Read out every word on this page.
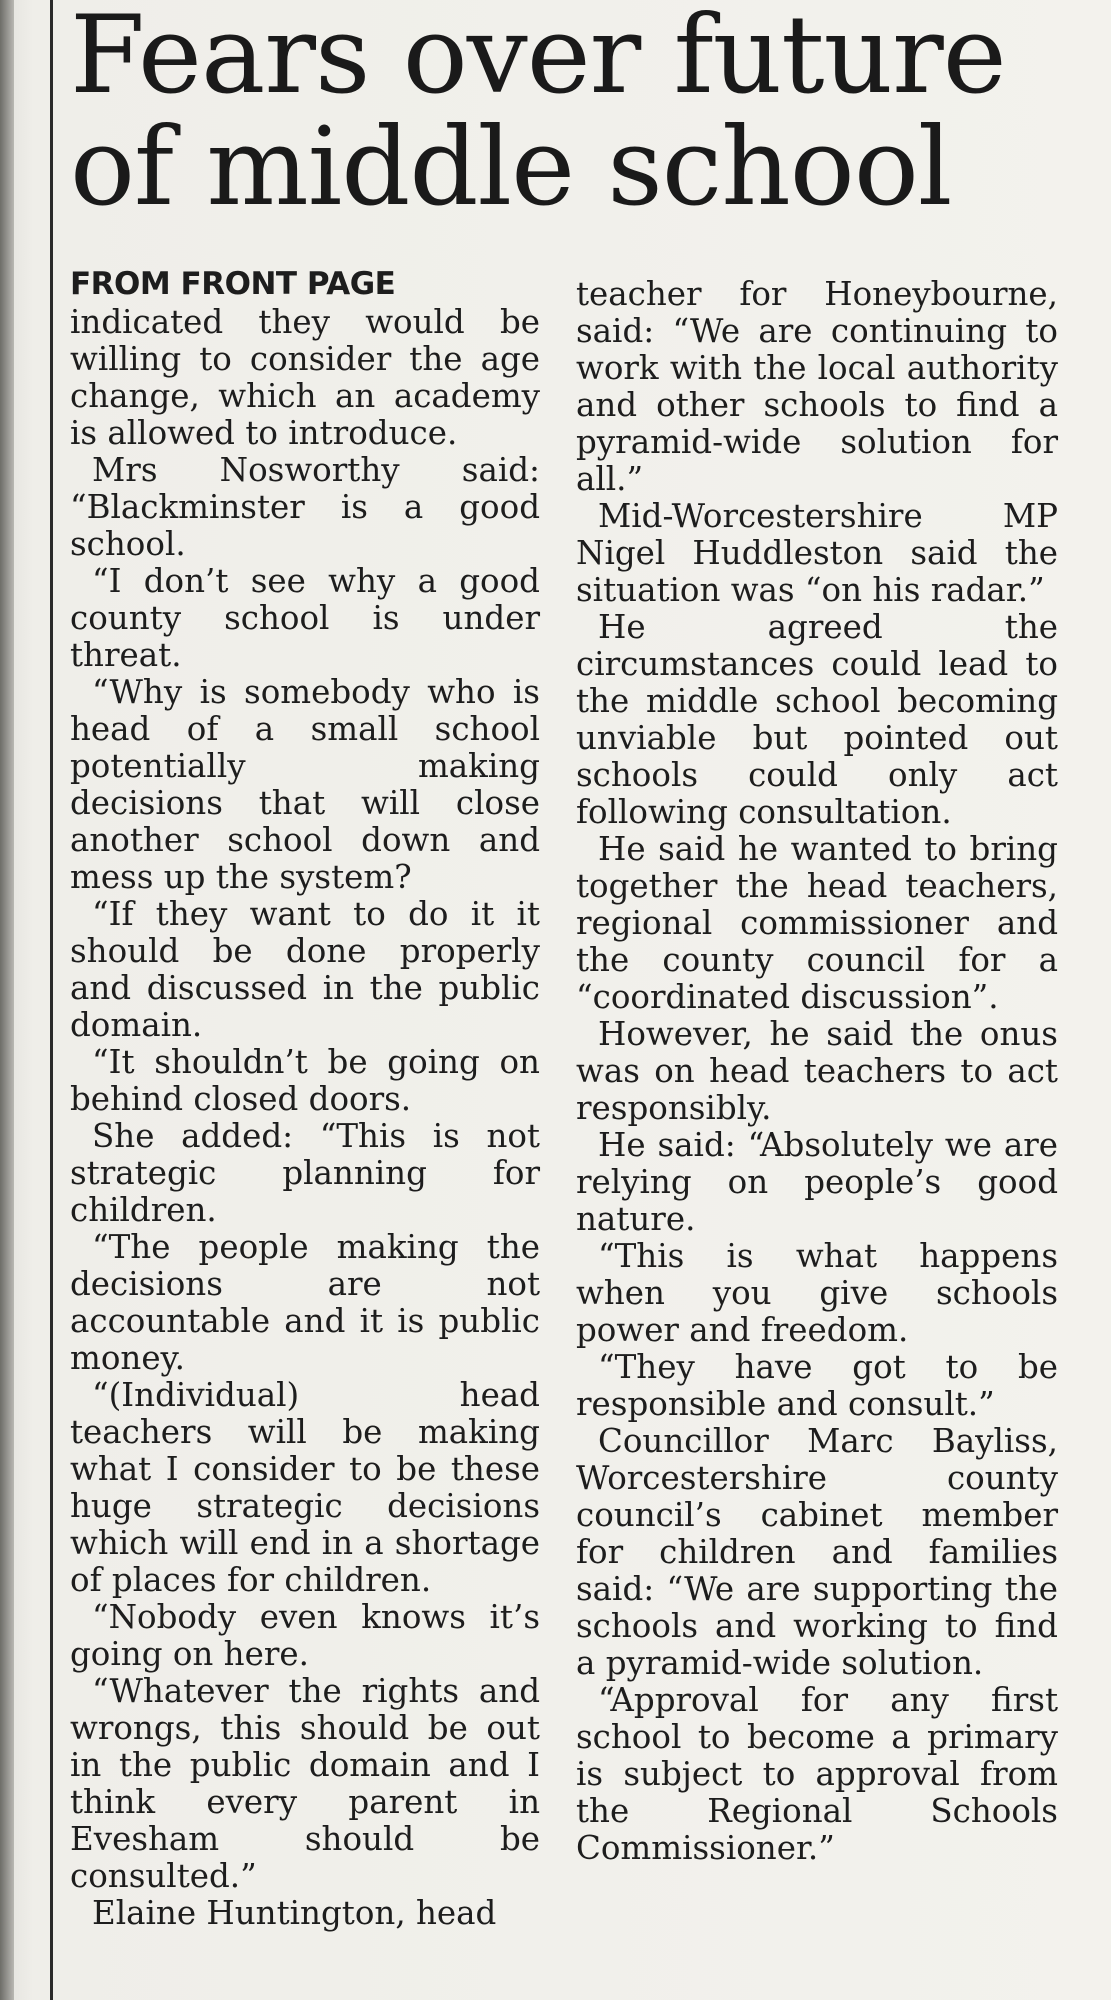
Fears over future
of middle school
FROM FRONT PAGE

indicated they would be willing to consider the age change, which an academy is allowed to introduce.

Mrs Nosworthy said: “Blackminster is a good school.

“I don’t see why a good county school is under threat.

“Why is somebody who is head of a small school potentially making decisions that will close another school down and mess up the system?

“If they want to do it it should be done properly and discussed in the public domain.

“It shouldn’t be going on behind closed doors.

She added: “This is not strategic planning for children.

“The people making the decisions are not accountable and it is public money.

“(Individual) head teachers will be making what I consider to be these huge strategic decisions which will end in a shortage of places for children.

“Nobody even knows it’s going on here.

“Whatever the rights and wrongs, this should be out in the public domain and I think every parent in Evesham should be consulted.”

Elaine Huntington, head

teacher for Honeybourne, said: “We are continuing to work with the local authority and other schools to find a pyramid-wide solution for all.”

Mid-Worcestershire MP Nigel Huddleston said the situation was “on his radar.”

He agreed the circumstances could lead to the middle school becoming unviable but pointed out schools could only act following consultation.

He said he wanted to bring together the head teachers, regional commissioner and the county council for a “coordinated discussion”.

However, he said the onus was on head teachers to act responsibly.

He said: “Absolutely we are relying on people’s good nature.

“This is what happens when you give schools power and freedom.

“They have got to be responsible and consult.”

Councillor Marc Bayliss, Worcestershire county council’s cabinet member for children and families said: “We are supporting the schools and working to find a pyramid-wide solution.

“Approval for any first school to become a primary is subject to approval from the Regional Schools Commissioner.”
